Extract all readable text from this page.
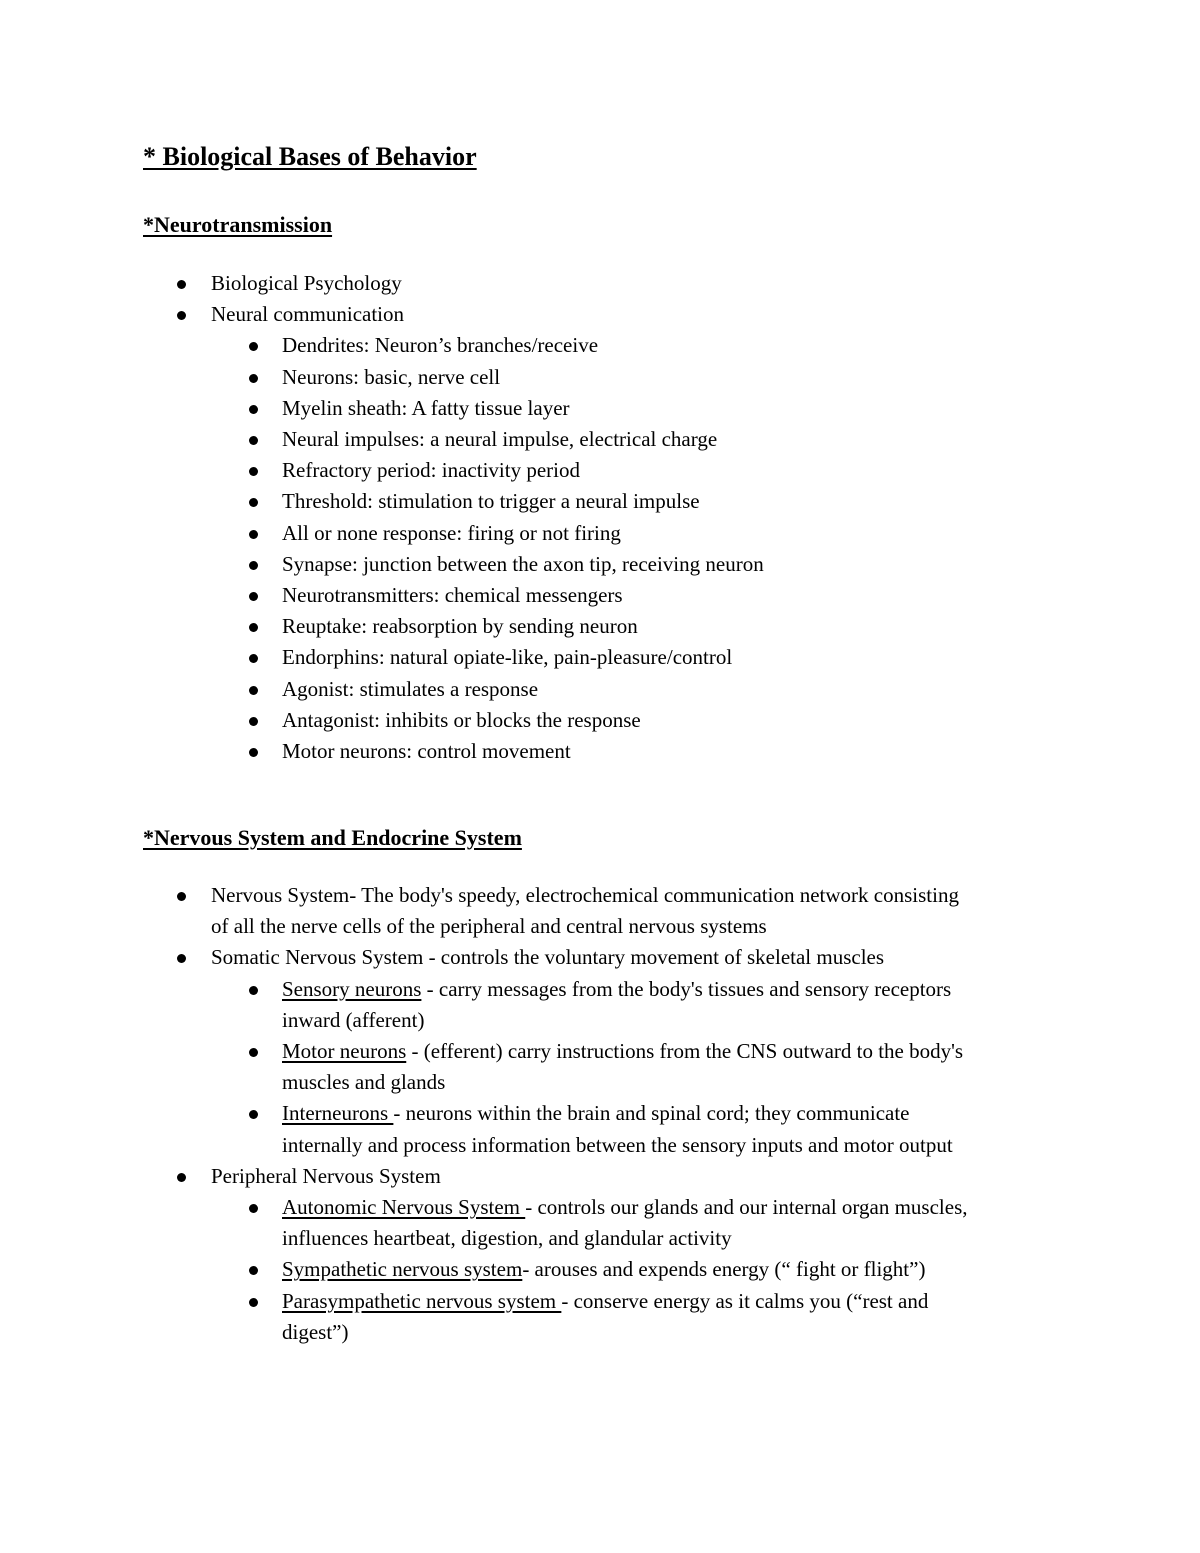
* Biological Bases of Behavior
*Neurotransmission
Biological Psychology
Neural communication
Dendrites: Neuron’s branches/receive
Neurons: basic, nerve cell
Myelin sheath: A fatty tissue layer
Neural impulses: a neural impulse, electrical charge
Refractory period: inactivity period
Threshold: stimulation to trigger a neural impulse
All or none response: firing or not firing
Synapse: junction between the axon tip, receiving neuron
Neurotransmitters: chemical messengers
Reuptake: reabsorption by sending neuron
Endorphins: natural opiate-like, pain-pleasure/control
Agonist: stimulates a response
Antagonist: inhibits or blocks the response
Motor neurons: control movement
*Nervous System and Endocrine System
Nervous System- The body's speedy, electrochemical communication network consisting
of all the nerve cells of the peripheral and central nervous systems
Somatic Nervous System - controls the voluntary movement of skeletal muscles
Sensory neurons - carry messages from the body's tissues and sensory receptors
inward (afferent)
Motor neurons - (efferent) carry instructions from the CNS outward to the body's
muscles and glands
Interneurons - neurons within the brain and spinal cord; they communicate
internally and process information between the sensory inputs and motor output
Peripheral Nervous System
Autonomic Nervous System - controls our glands and our internal organ muscles,
influences heartbeat, digestion, and glandular activity
Sympathetic nervous system- arouses and expends energy (“ fight or flight”)
Parasympathetic nervous system - conserve energy as it calms you (“rest and
digest”)
